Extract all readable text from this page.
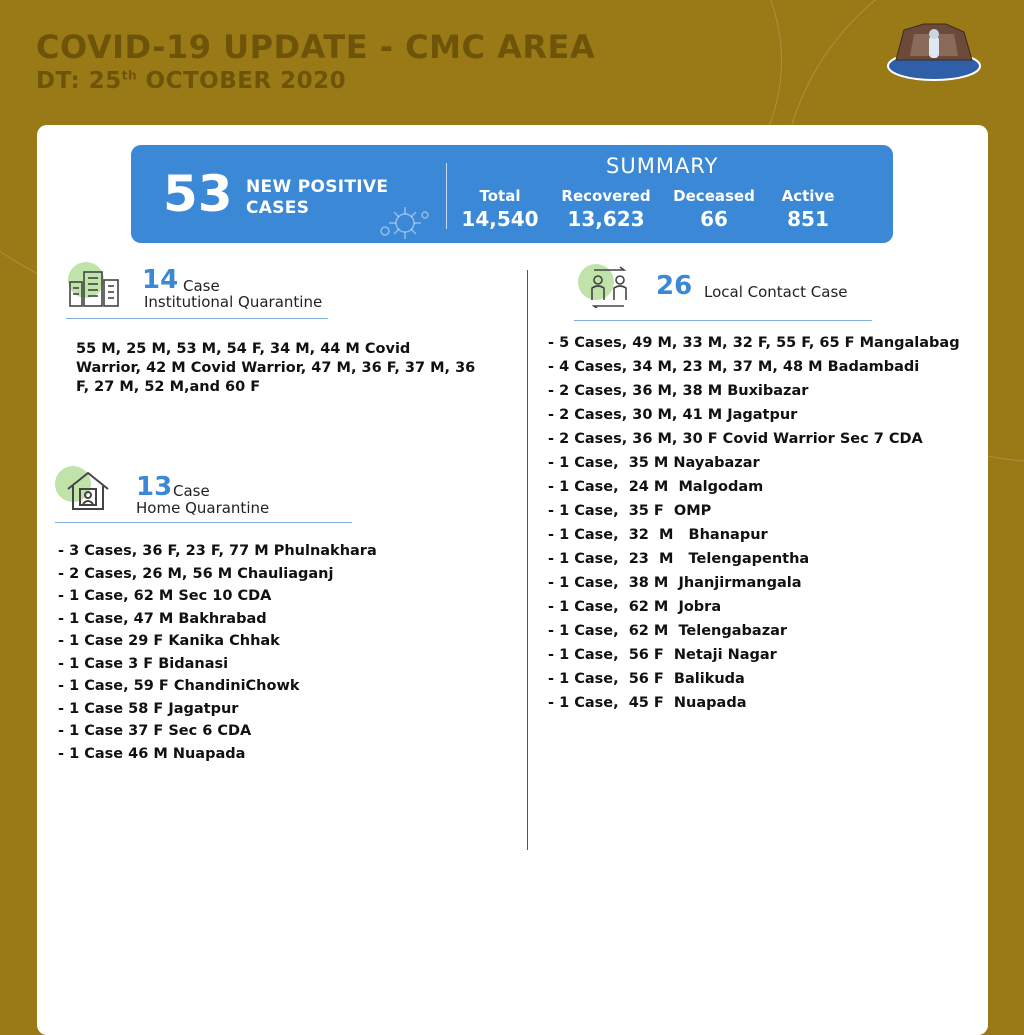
COVID-19 UPDATE - CMC AREA

DT: 25th OCTOBER 2020

53 NEW POSITIVE
CASES
SUMMARY
Total
14,540
Recovered
13,623
Deceased
66
Active
851
14 Case
Institutional Quarantine
55 M, 25 M, 53 M, 54 F, 34 M, 44 M Covid Warrior, 42 M Covid Warrior, 47 M, 36 F, 37 M, 36 F, 27 M, 52 M,and 60 F
13 Case
Home Quarantine
- 3 Cases, 36 F, 23 F, 77 M Phulnakhara
- 2 Cases, 26 M, 56 M Chauliaganj
- 1 Case, 62 M Sec 10 CDA
- 1 Case, 47 M Bakhrabad
- 1 Case 29 F Kanika Chhak
- 1 Case 3 F Bidanasi
- 1 Case, 59 F ChandiniChowk
- 1 Case 58 F Jagatpur
- 1 Case 37 F Sec 6 CDA
- 1 Case 46 M Nuapada
26 Local Contact Case
- 5 Cases, 49 M, 33 M, 32 F, 55 F, 65 F Mangalabag
- 4 Cases, 34 M, 23 M, 37 M, 48 M Badambadi
- 2 Cases, 36 M, 38 M Buxibazar
- 2 Cases, 30 M, 41 M Jagatpur
- 2 Cases, 36 M, 30 F Covid Warrior Sec 7 CDA
- 1 Case,  35 M Nayabazar
- 1 Case,  24 M  Malgodam
- 1 Case,  35 F  OMP
- 1 Case,  32  M   Bhanapur
- 1 Case,  23  M   Telengapentha
- 1 Case,  38 M  Jhanjirmangala
- 1 Case,  62 M  Jobra
- 1 Case,  62 M  Telengabazar
- 1 Case,  56 F  Netaji Nagar
- 1 Case,  56 F  Balikuda
- 1 Case,  45 F  Nuapada
